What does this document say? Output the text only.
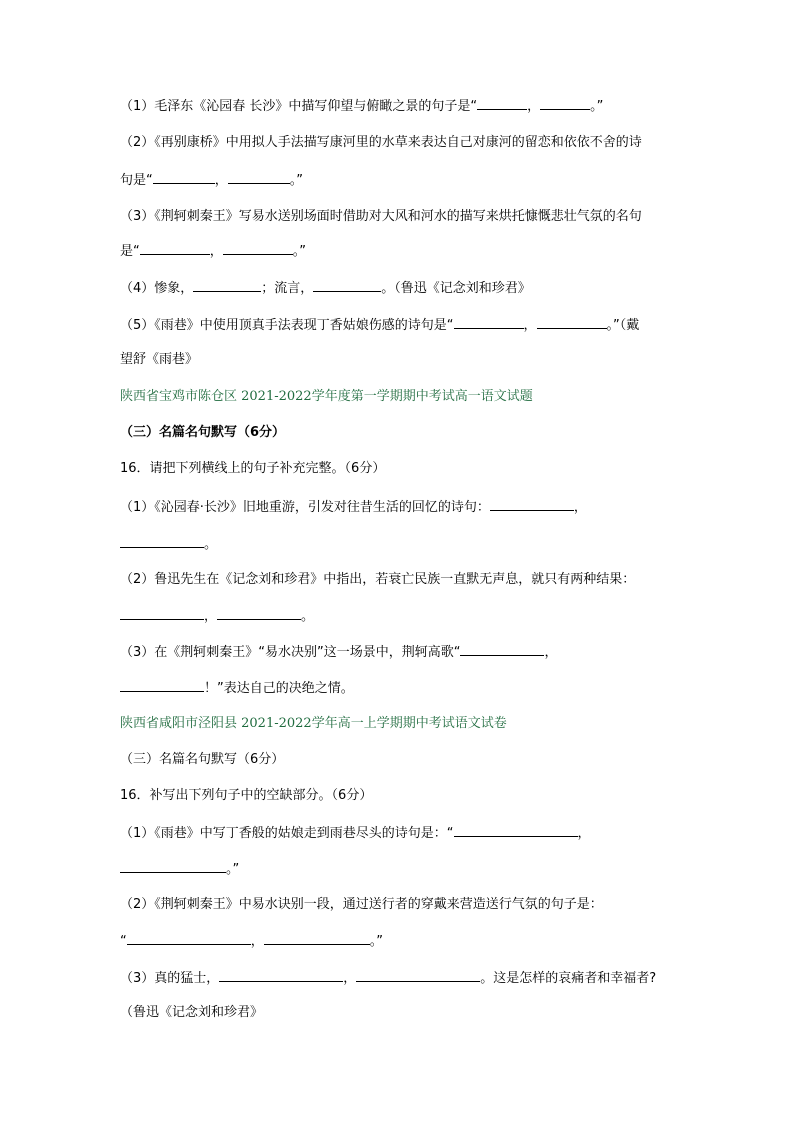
（1）毛泽东《沁园春 长沙》中描写仰望与俯瞰之景的句子是“	，	。”
（2）《再别康桥》中用拟人手法描写康河里的水草来表达自己对康河的留恋和依依不舍的诗
句是“	，	。”
（3）《荆轲刺秦王》写易水送别场面时借助对大风和河水的描写来烘托慷慨悲壮气氛的名句
是“	，	。”
（4）惨象，	；流言，	。（鲁迅《记念刘和珍君》
（5）《雨巷》中使用顶真手法表现丁香姑娘伤感的诗句是“	，	。”（戴
望舒《雨巷》
陕西省宝鸡市陈仓区 2021-2022学年度第一学期期中考试高一语文试题
（三）名篇名句默写（6分）
16．请把下列横线上的句子补充完整。（6分）
（1）《沁园春·长沙》旧地重游，引发对往昔生活的回忆的诗句：	，
。
（2）鲁迅先生在《记念刘和珍君》中指出，若衰亡民族一直默无声息，就只有两种结果：
，	。
（3）在《荆轲刺秦王》“易水决别”这一场景中，荆轲高歌“	，
！”表达自己的决绝之情。
陕西省咸阳市泾阳县 2021-2022学年高一上学期期中考试语文试卷
（三）名篇名句默写（6分）
16．补写出下列句子中的空缺部分。（6分）
（1）《雨巷》中写丁香般的姑娘走到雨巷尽头的诗句是：“	，
。”
（2）《荆轲刺秦王》中易水诀别一段，通过送行者的穿戴来营造送行气氛的句子是：
“	，	。”
（3）真的猛士，	，	。这是怎样的哀痛者和幸福者?
（鲁迅《记念刘和珍君》
